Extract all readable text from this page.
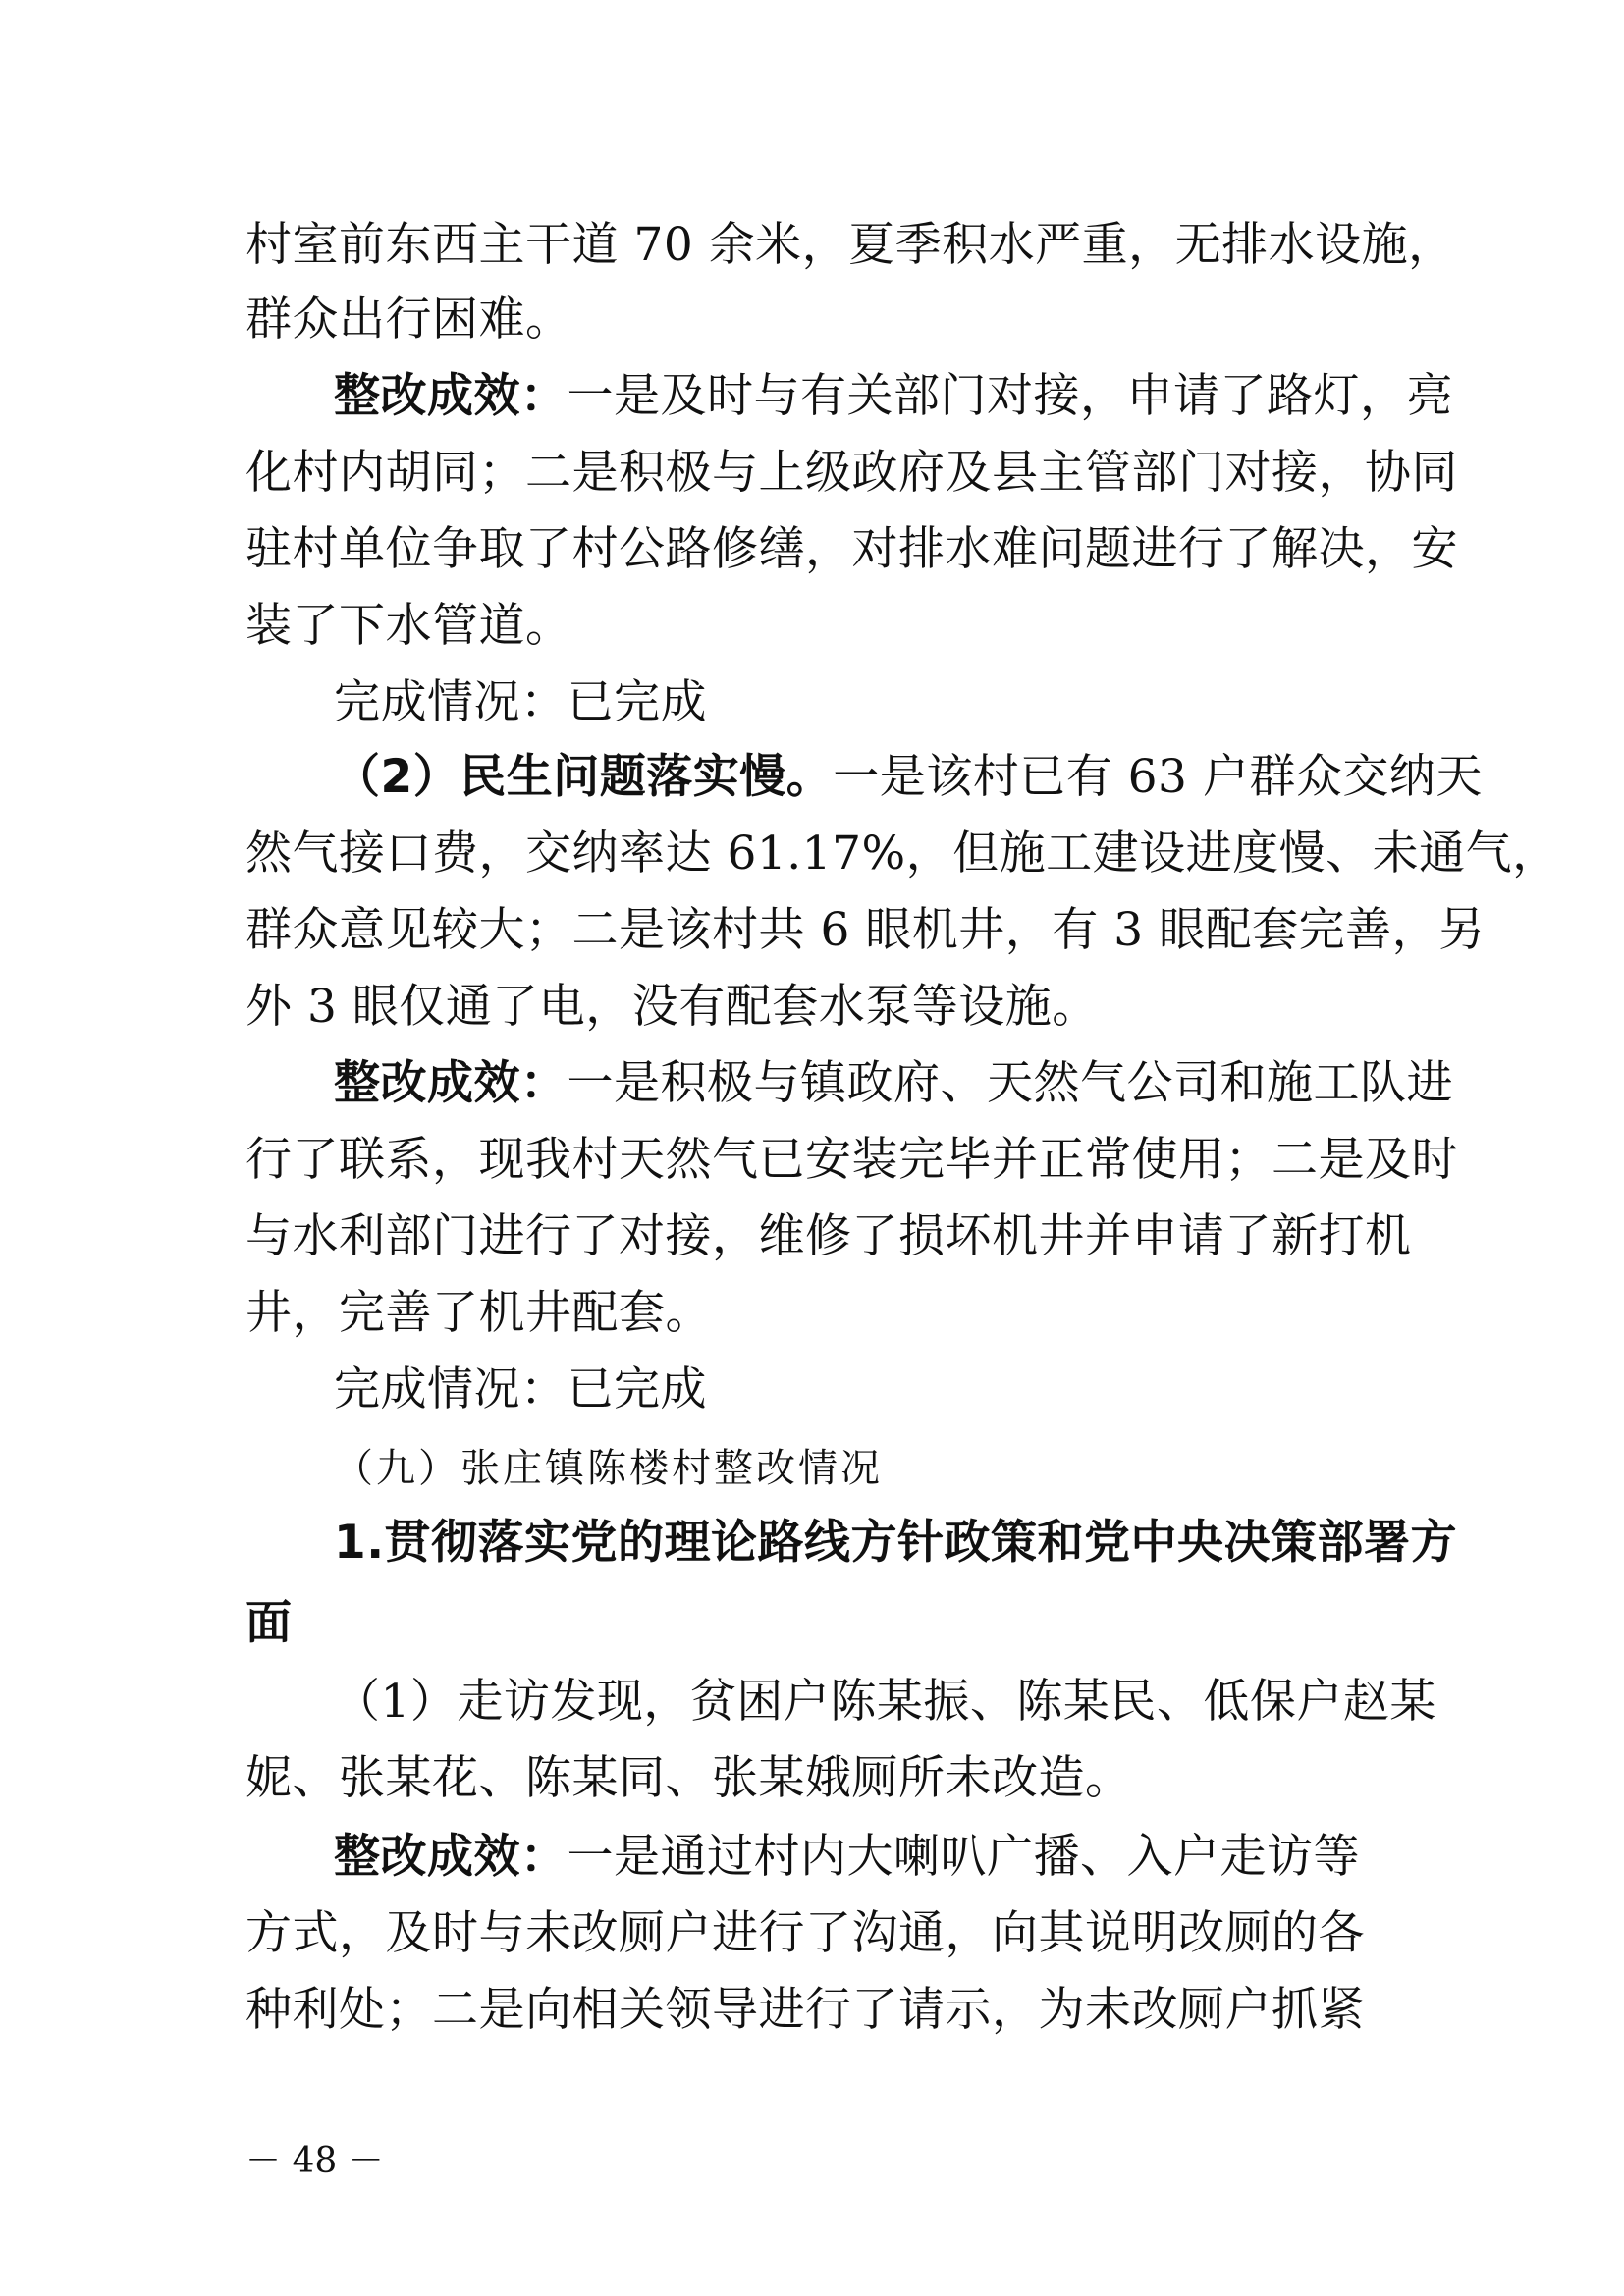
村室前东西主干道 70 余米，夏季积水严重，无排水设施，
群众出行困难。
整改成效：一是及时与有关部门对接，申请了路灯，亮
化村内胡同；二是积极与上级政府及县主管部门对接，协同
驻村单位争取了村公路修缮，对排水难问题进行了解决，安
装了下水管道。
完成情况：已完成
（2）民生问题落实慢。一是该村已有 63 户群众交纳天
然气接口费，交纳率达 61.17%，但施工建设进度慢、未通气，
群众意见较大；二是该村共 6 眼机井，有 3 眼配套完善，另
外 3 眼仅通了电，没有配套水泵等设施。
整改成效：一是积极与镇政府、天然气公司和施工队进
行了联系，现我村天然气已安装完毕并正常使用；二是及时
与水利部门进行了对接，维修了损坏机井并申请了新打机
井，完善了机井配套。
完成情况：已完成
（九）张庄镇陈楼村整改情况
1.贯彻落实党的理论路线方针政策和党中央决策部署方
面
（1）走访发现，贫困户陈某振、陈某民、低保户赵某
妮、张某花、陈某同、张某娥厕所未改造。
整改成效：一是通过村内大喇叭广播、入户走访等
方式，及时与未改厕户进行了沟通，向其说明改厕的各
种利处；二是向相关领导进行了请示，为未改厕户抓紧
－ 48 －
